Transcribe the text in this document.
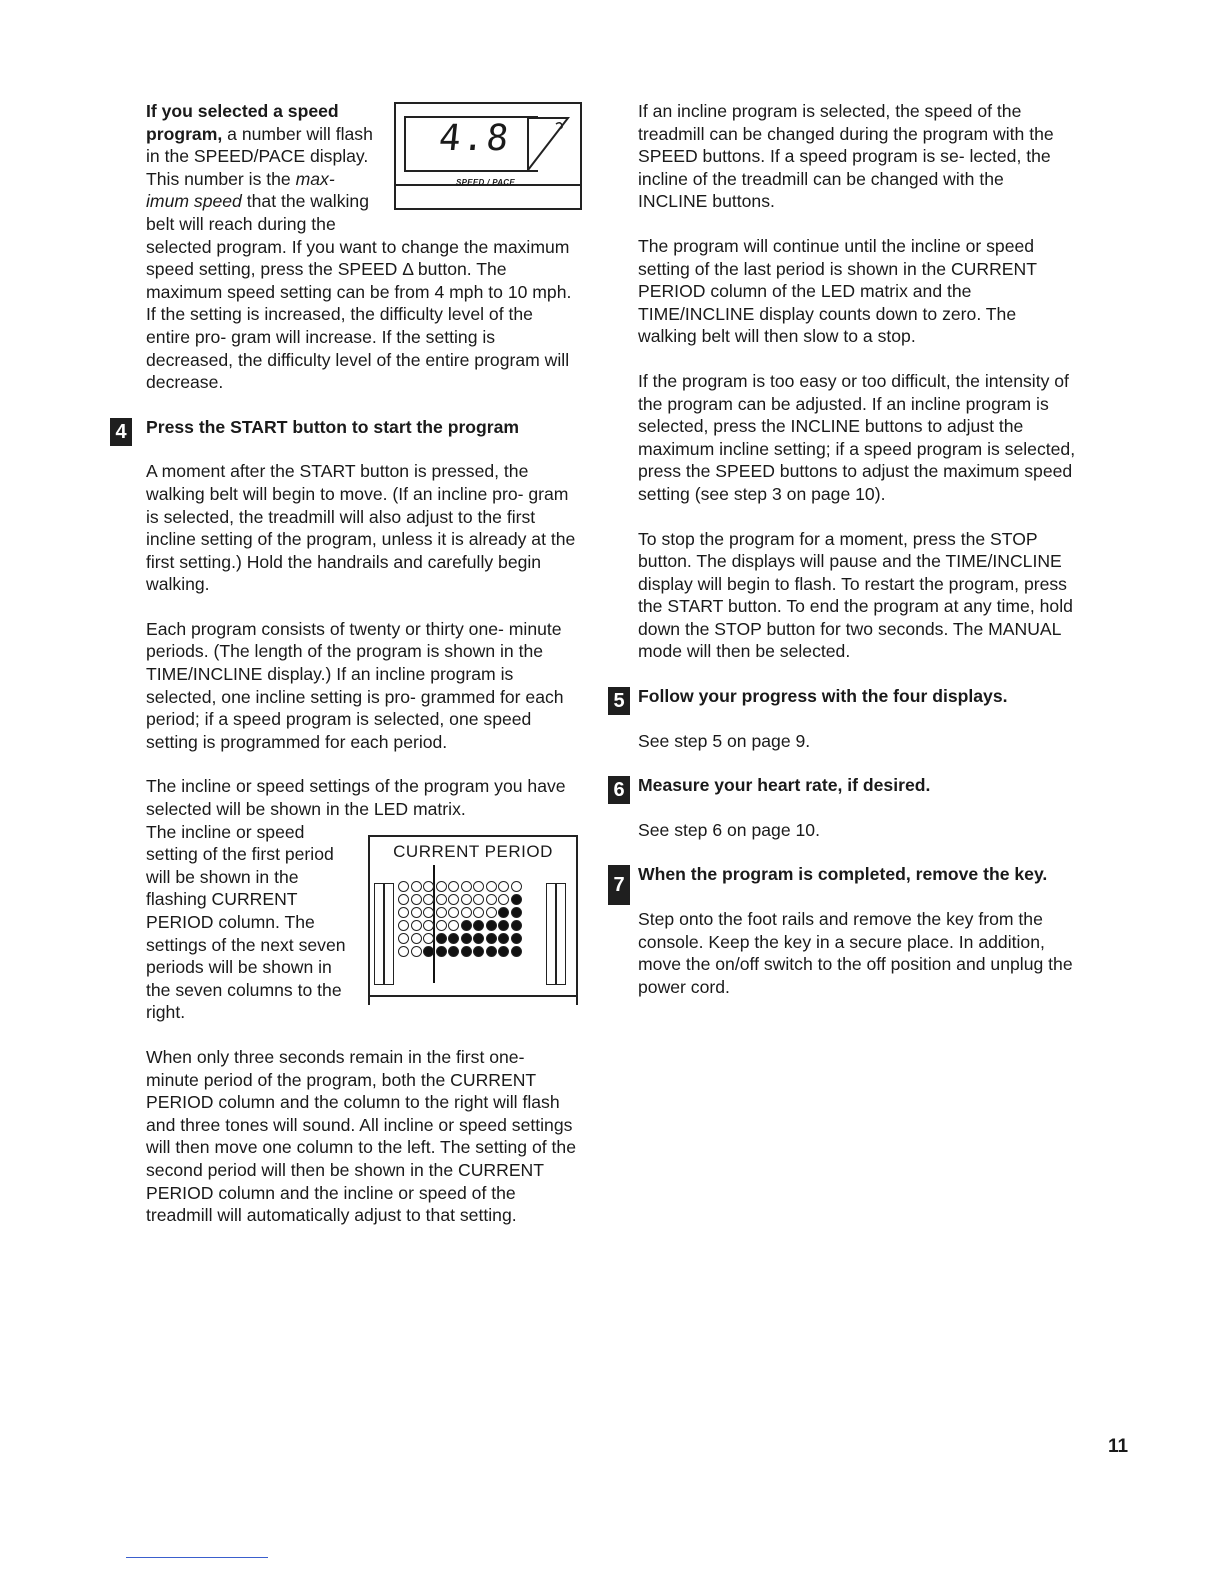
4.8
SPEED / PACE

If you selected a speed program, a number will flash in the SPEED/PACE display. This number is the max- imum speed that the walking belt will reach during the selected program. If you want to change the maximum speed setting, press the SPEED Δ button. The maximum speed setting can be from 4 mph to 10 mph. If the setting is increased, the difficulty level of the entire pro- gram will increase. If the setting is decreased, the difficulty level of the entire program will decrease.

4	Press the START button to start the program

A moment after the START button is pressed, the walking belt will begin to move. (If an incline pro- gram is selected, the treadmill will also adjust to the first incline setting of the program, unless it is already at the first setting.) Hold the handrails and carefully begin walking.

Each program consists of twenty or thirty one- minute periods. (The length of the program is shown in the TIME/INCLINE display.) If an incline program is selected, one incline setting is pro- grammed for each period; if a speed program is selected, one speed setting is programmed for each period.

The incline or speed settings of the program you have selected will be shown in the LED matrix.

CURRENT PERIOD

The incline or speed setting of the first period will be shown in the flashing CURRENT PERIOD column. The settings of the next seven periods will be shown in the seven columns to the right.

When only three seconds remain in the first one- minute period of the program, both the CURRENT PERIOD column and the column to the right will flash and three tones will sound. All incline or speed settings will then move one column to the left. The setting of the second period will then be shown in the CURRENT PERIOD column and the incline or speed of the treadmill will automatically adjust to that setting.

If an incline program is selected, the speed of the treadmill can be changed during the program with the SPEED buttons. If a speed program is se- lected, the incline of the treadmill can be changed with the INCLINE buttons.

The program will continue until the incline or speed setting of the last period is shown in the CURRENT PERIOD column of the LED matrix and the TIME/INCLINE display counts down to zero. The walking belt will then slow to a stop.

If the program is too easy or too difficult, the intensity of the program can be adjusted. If an incline program is selected, press the INCLINE buttons to adjust the maximum incline setting; if a speed program is selected, press the SPEED buttons to adjust the maximum speed setting (see step 3 on page 10).

To stop the program for a moment, press the STOP button. The displays will pause and the TIME/INCLINE display will begin to flash. To restart the program, press the START button. To end the program at any time, hold down the STOP button for two seconds. The MANUAL mode will then be selected.

5 Follow your progress with the four displays.

See step 5 on page 9.

6 Measure your heart rate, if desired.

See step 6 on page 10.

7 When the program is completed, remove the key.

Step onto the foot rails and remove the key from the console. Keep the key in a secure place. In addition, move the on/off switch to the off position and unplug the power cord.

11
